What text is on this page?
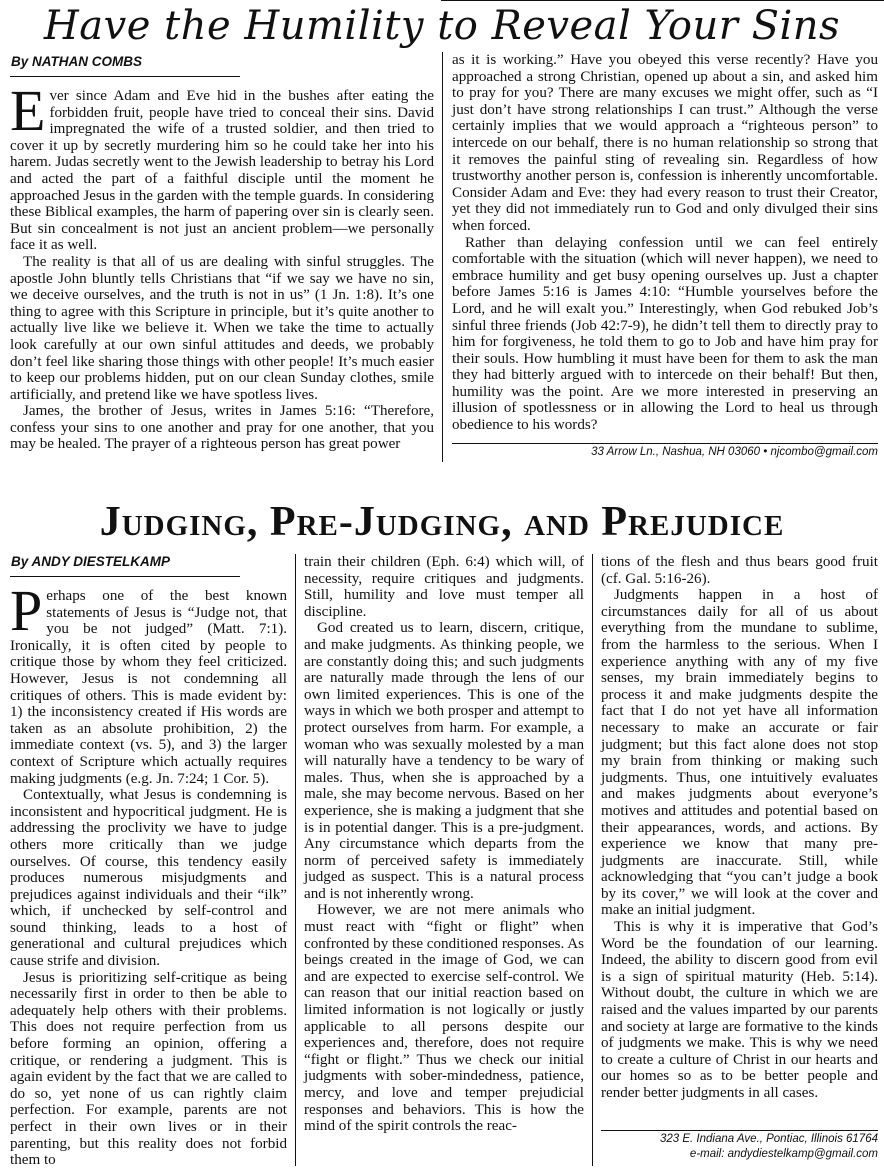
Have the Humility to Reveal Your Sins
By NATHAN COMBS

Ever since Adam and Eve hid in the bushes after eating the forbidden fruit, people have tried to conceal their sins. David impregnated the wife of a trusted soldier, and then tried to cover it up by secretly murdering him so he could take her into his harem. Judas secretly went to the Jewish leadership to betray his Lord and acted the part of a faithful disciple until the moment he approached Jesus in the garden with the temple guards. In considering these Biblical examples, the harm of papering over sin is clearly seen. But sin concealment is not just an ancient problem—we personally face it as well.

The reality is that all of us are dealing with sinful struggles. The apostle John bluntly tells Christians that “if we say we have no sin, we deceive ourselves, and the truth is not in us” (1 Jn. 1:8). It’s one thing to agree with this Scripture in principle, but it’s quite another to actually live like we believe it. When we take the time to actually look carefully at our own sinful attitudes and deeds, we probably don’t feel like sharing those things with other people! It’s much easier to keep our problems hidden, put on our clean Sunday clothes, smile artificially, and pretend like we have spotless lives.

James, the brother of Jesus, writes in James 5:16: “Therefore, confess your sins to one another and pray for one another, that you may be healed. The prayer of a righteous person has great power

as it is working.” Have you obeyed this verse recently? Have you approached a strong Christian, opened up about a sin, and asked him to pray for you? There are many excuses we might offer, such as “I just don’t have strong relationships I can trust.” Although the verse certainly implies that we would approach a “righteous person” to intercede on our behalf, there is no human relationship so strong that it removes the painful sting of revealing sin. Regardless of how trustworthy another person is, confession is inherently uncomfortable. Consider Adam and Eve: they had every reason to trust their Creator, yet they did not immediately run to God and only divulged their sins when forced.

Rather than delaying confession until we can feel entirely comfortable with the situation (which will never happen), we need to embrace humility and get busy opening ourselves up. Just a chapter before James 5:16 is James 4:10: “Humble yourselves before the Lord, and he will exalt you.” Interestingly, when God rebuked Job’s sinful three friends (Job 42:7-9), he didn’t tell them to directly pray to him for forgiveness, he told them to go to Job and have him pray for their souls. How humbling it must have been for them to ask the man they had bitterly argued with to intercede on their behalf! But then, humility was the point. Are we more interested in preserving an illusion of spotlessness or in allowing the Lord to heal us through obedience to his words?

33 Arrow Ln., Nashua, NH 03060 • njcombo@gmail.com
Judging, Pre-Judging, and Prejudice
By ANDY DIESTELKAMP

Perhaps one of the best known statements of Jesus is “Judge not, that you be not judged” (Matt. 7:1). Ironically, it is often cited by people to critique those by whom they feel criticized. However, Jesus is not condemning all critiques of others. This is made evident by: 1) the inconsistency created if His words are taken as an absolute prohibition, 2) the immediate context (vs. 5), and 3) the larger context of Scripture which actually requires making judgments (e.g. Jn. 7:24; 1 Cor. 5).

Contextually, what Jesus is condemning is inconsistent and hypocritical judgment. He is addressing the proclivity we have to judge others more critically than we judge ourselves. Of course, this tendency easily produces numerous misjudgments and prejudices against individuals and their “ilk” which, if unchecked by self-control and sound thinking, leads to a host of generational and cultural prejudices which cause strife and division.

Jesus is prioritizing self-critique as being necessarily first in order to then be able to adequately help others with their problems. This does not require perfection from us before forming an opinion, offering a critique, or rendering a judgment. This is again evident by the fact that we are called to do so, yet none of us can rightly claim perfection. For example, parents are not perfect in their own lives or in their parenting, but this reality does not forbid them to

train their children (Eph. 6:4) which will, of necessity, require critiques and judgments. Still, humility and love must temper all discipline.

God created us to learn, discern, critique, and make judgments. As thinking people, we are constantly doing this; and such judgments are naturally made through the lens of our own limited experiences. This is one of the ways in which we both prosper and attempt to protect ourselves from harm. For example, a woman who was sexually molested by a man will naturally have a tendency to be wary of males. Thus, when she is approached by a male, she may become nervous. Based on her experience, she is making a judgment that she is in potential danger. This is a pre-judgment. Any circumstance which departs from the norm of perceived safety is immediately judged as suspect. This is a natural process and is not inherently wrong.

However, we are not mere animals who must react with “fight or flight” when confronted by these conditioned responses. As beings created in the image of God, we can and are expected to exercise self-control. We can reason that our initial reaction based on limited information is not logically or justly applicable to all persons despite our experiences and, therefore, does not require “fight or flight.” Thus we check our initial judgments with sober-mindedness, patience, mercy, and love and temper prejudicial responses and behaviors. This is how the mind of the spirit controls the reac-

tions of the flesh and thus bears good fruit (cf. Gal. 5:16-26).

Judgments happen in a host of circumstances daily for all of us about everything from the mundane to sublime, from the harmless to the serious. When I experience anything with any of my five senses, my brain immediately begins to process it and make judgments despite the fact that I do not yet have all information necessary to make an accurate or fair judgment; but this fact alone does not stop my brain from thinking or making such judgments. Thus, one intuitively evaluates and makes judgments about everyone’s motives and attitudes and potential based on their appearances, words, and actions. By experience we know that many pre-judgments are inaccurate. Still, while acknowledging that “you can’t judge a book by its cover,” we will look at the cover and make an initial judgment.

This is why it is imperative that God’s Word be the foundation of our learning. Indeed, the ability to discern good from evil is a sign of spiritual maturity (Heb. 5:14). Without doubt, the culture in which we are raised and the values imparted by our parents and society at large are formative to the kinds of judgments we make. This is why we need to create a culture of Christ in our hearts and our homes so as to be better people and render better judgments in all cases.

323 E. Indiana Ave., Pontiac, Illinois 61764
e-mail: andydiestelkamp@gmail.com
